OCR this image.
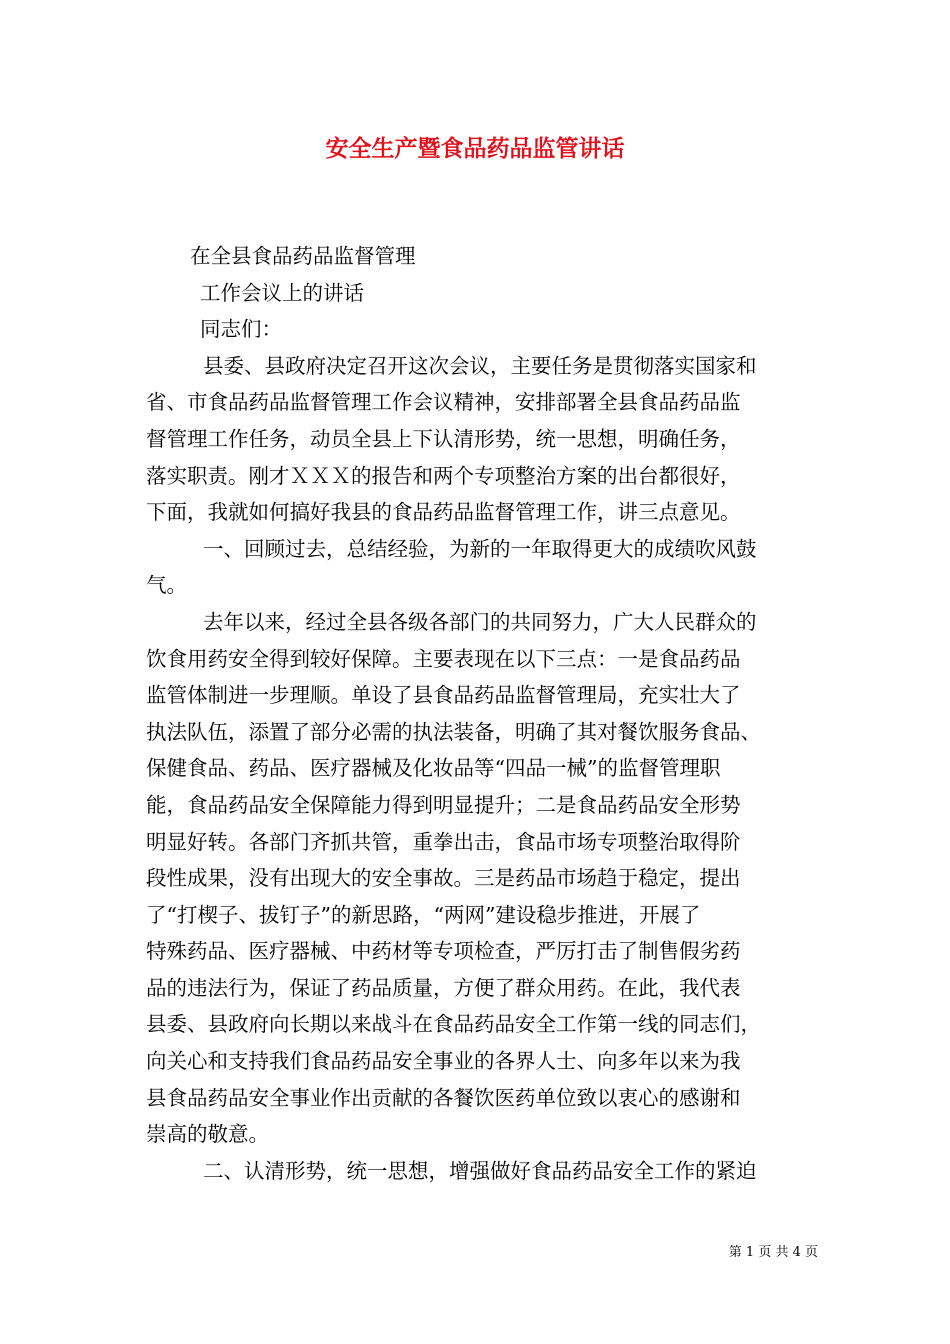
安全生产暨食品药品监管讲话

在全县食品药品监督管理

工作会议上的讲话

同志们：

县委、县政府决定召开这次会议，主要任务是贯彻落实国家和

省、市食品药品监督管理工作会议精神，安排部署全县食品药品监

督管理工作任务，动员全县上下认清形势，统一思想，明确任务，

落实职责。刚才ＸＸＸ的报告和两个专项整治方案的出台都很好，

下面，我就如何搞好我县的食品药品监督管理工作，讲三点意见。

一、回顾过去，总结经验，为新的一年取得更大的成绩吹风鼓

气。

去年以来，经过全县各级各部门的共同努力，广大人民群众的

饮食用药安全得到较好保障。主要表现在以下三点：一是食品药品

监管体制进一步理顺。单设了县食品药品监督管理局，充实壮大了

执法队伍，添置了部分必需的执法装备，明确了其对餐饮服务食品、

保健食品、药品、医疗器械及化妆品等“四品一械”的监督管理职

能，食品药品安全保障能力得到明显提升；二是食品药品安全形势

明显好转。各部门齐抓共管，重拳出击，食品市场专项整治取得阶

段性成果，没有出现大的安全事故。三是药品市场趋于稳定，提出

了“打楔子、拔钉子”的新思路，“两网”建设稳步推进，开展了

特殊药品、医疗器械、中药材等专项检查，严厉打击了制售假劣药

品的违法行为，保证了药品质量，方便了群众用药。在此，我代表

县委、县政府向长期以来战斗在食品药品安全工作第一线的同志们，

向关心和支持我们食品药品安全事业的各界人士、向多年以来为我

县食品药品安全事业作出贡献的各餐饮医药单位致以衷心的感谢和

崇高的敬意。

二、认清形势，统一思想，增强做好食品药品安全工作的紧迫

第 1 页 共 4 页
